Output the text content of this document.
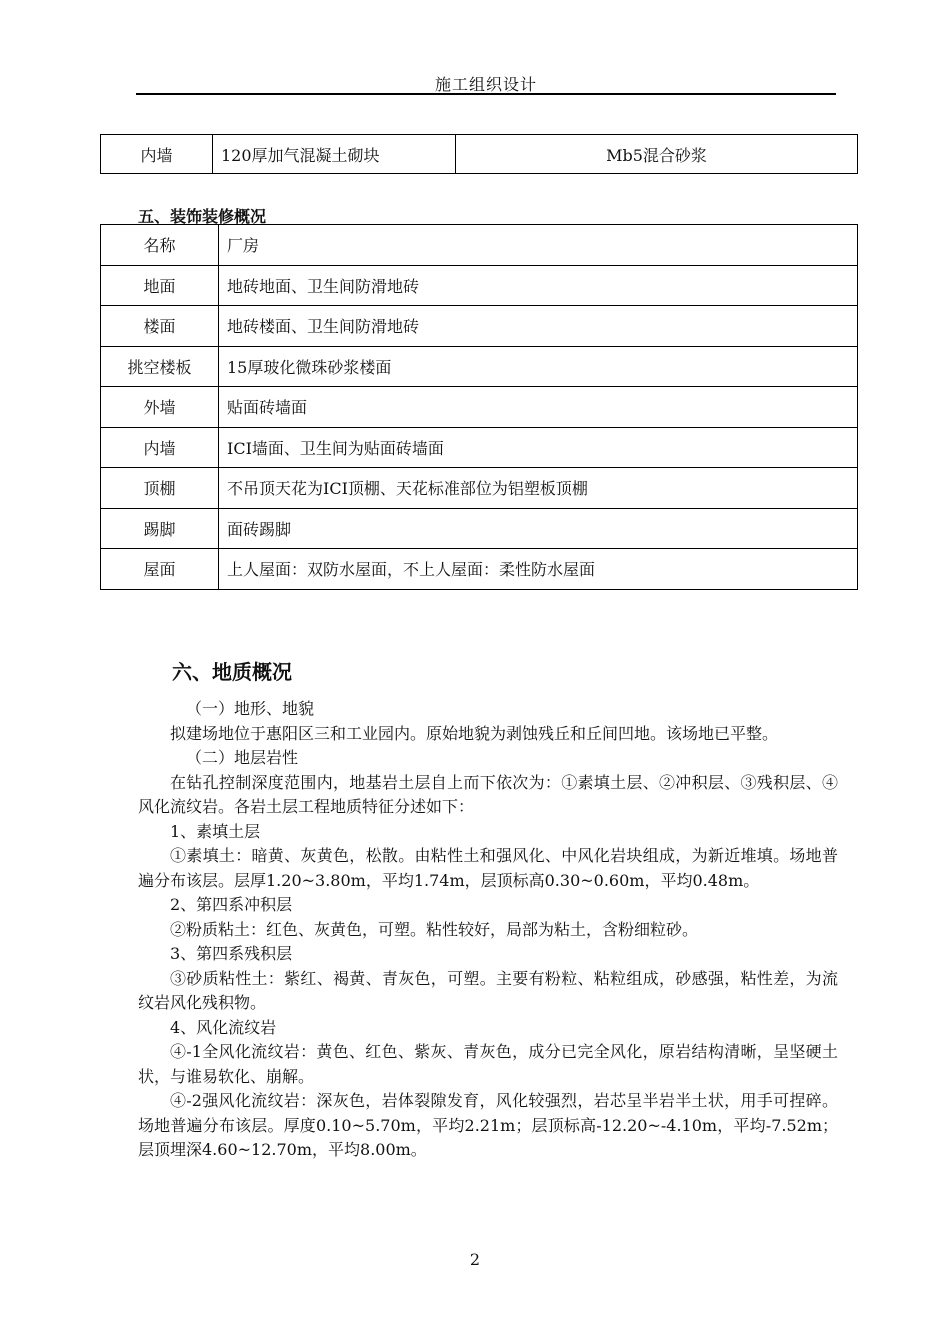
施工组织设计
内墙	120厚加气混凝土砌块	Mb5混合砂浆
五、装饰装修概况
名称	厂房
地面	地砖地面、卫生间防滑地砖
楼面	地砖楼面、卫生间防滑地砖
挑空楼板	15厚玻化微珠砂浆楼面
外墙	贴面砖墙面
内墙	ICI墙面、卫生间为贴面砖墙面
顶棚	不吊顶天花为ICI顶棚、天花标准部位为铝塑板顶棚
踢脚	面砖踢脚
屋面	上人屋面：双防水屋面，不上人屋面：柔性防水屋面
六、地质概况

（一）地形、地貌

拟建场地位于惠阳区三和工业园内。原始地貌为剥蚀残丘和丘间凹地。该场地已平整。

（二）地层岩性

在钻孔控制深度范围内，地基岩土层自上而下依次为：①素填土层、②冲积层、③残积层、④风化流纹岩。各岩土层工程地质特征分述如下：

1、素填土层

①素填土：暗黄、灰黄色，松散。由粘性土和强风化、中风化岩块组成，为新近堆填。场地普遍分布该层。层厚1.20~3.80m，平均1.74m，层顶标高0.30~0.60m，平均0.48m。

2、第四系冲积层

②粉质粘土：红色、灰黄色，可塑。粘性较好，局部为粘土，含粉细粒砂。

3、第四系残积层

③砂质粘性土：紫红、褐黄、青灰色，可塑。主要有粉粒、粘粒组成，砂感强，粘性差，为流纹岩风化残积物。

4、风化流纹岩

④-1全风化流纹岩：黄色、红色、紫灰、青灰色，成分已完全风化，原岩结构清晰，呈坚硬土状，与谁易软化、崩解。

④-2强风化流纹岩：深灰色，岩体裂隙发育，风化较强烈，岩芯呈半岩半土状，用手可捏碎。场地普遍分布该层。厚度0.10~5.70m，平均2.21m；层顶标高-12.20~-4.10m，平均-7.52m；层顶埋深4.60~12.70m，平均8.00m。

2
